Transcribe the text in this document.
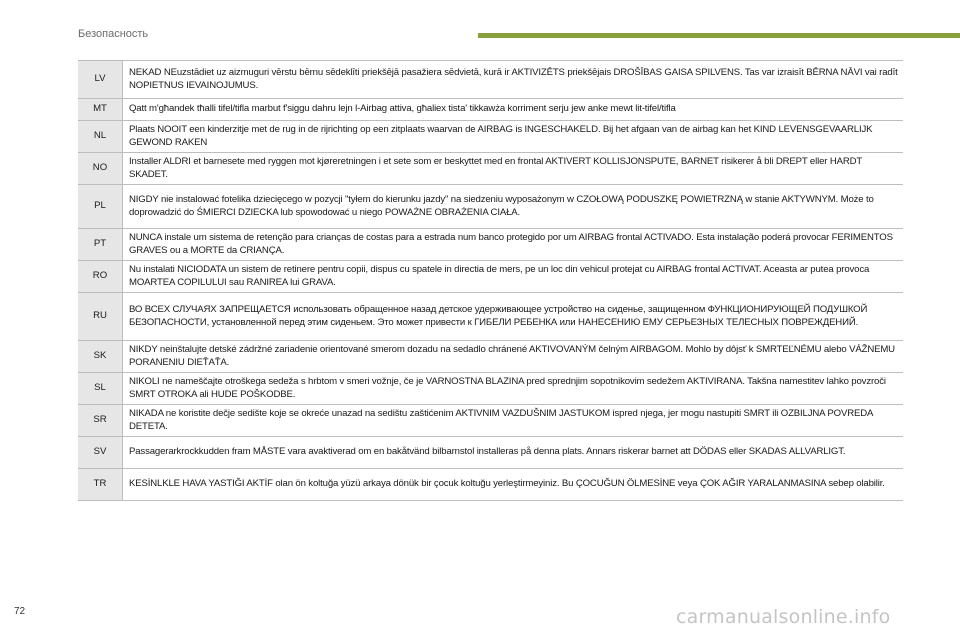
Безопасность
LV	NEKAD NEuzstādiet uz aizmuguri vērstu bērnu sēdeklīti priekšējā pasažiera sēdvietā, kurā ir AKTIVIZĒTS priekšējais DROŠĪBAS GAISA SPILVENS. Tas var izraisīt BĒRNA NĀVI vai radīt NOPIETNUS IEVAINOJUMUS.
MT	Qatt m'għandek tħalli tifel/tifla marbut f'siggu dahru lejn l-Airbag attiva, għaliex tista' tikkawża korriment serju jew anke mewt lit-tifel/tifla
NL	Plaats NOOIT een kinderzitje met de rug in de rijrichting op een zitplaats waarvan de AIRBAG is INGESCHAKELD. Bij het afgaan van de airbag kan het KIND LEVENSGEVAARLIJK GEWOND RAKEN
NO	Installer ALDRI et barnesete med ryggen mot kjøreretningen i et sete som er beskyttet med en frontal AKTIVERT KOLLISJONSPUTE, BARNET risikerer å bli DREPT eller HARDT SKADET.
PL	NIGDY nie instalować fotelika dziecięcego w pozycji "tyłem do kierunku jazdy" na siedzeniu wyposażonym w CZOŁOWĄ PODUSZKĘ POWIETRZNĄ w stanie AKTYWNYM. Może to doprowadzić do ŚMIERCI DZIECKA lub spowodować u niego POWAŻNE OBRAŻENIA CIAŁA.
PT	NUNCA instale um sistema de retenção para crianças de costas para a estrada num banco protegido por um AIRBAG frontal ACTIVADO. Esta instalação poderá provocar FERIMENTOS GRAVES ou a MORTE da CRIANÇA.
RO	Nu instalati NICIODATA un sistem de retinere pentru copii, dispus cu spatele in directia de mers, pe un loc din vehicul protejat cu AIRBAG frontal ACTIVAT. Aceasta ar putea provoca MOARTEA COPILULUI sau RANIREA lui GRAVA.
RU	ВО ВСЕХ СЛУЧАЯХ ЗАПРЕЩАЕТСЯ использовать обращенное назад детское удерживающее устройство на сиденье, защищенном ФУНКЦИОНИРУЮЩЕЙ ПОДУШКОЙ БЕЗОПАСНОСТИ, установленной перед этим сиденьем. Это может привести к ГИБЕЛИ РЕБЕНКА или НАНЕСЕНИЮ ЕМУ СЕРЬЕЗНЫХ ТЕЛЕСНЫХ ПОВРЕЖДЕНИЙ.
SK	NIKDY neinštalujte detské zádržné zariadenie orientované smerom dozadu na sedadlo chránené AKTIVOVANÝM čelným AIRBAGOM. Mohlo by dôjsť k SMRTEĽNÉMU alebo VÁŽNEMU PORANENIU DIEŤAŤA.
SL	NIKOLI ne nameščajte otroškega sedeža s hrbtom v smeri vožnje, če je VARNOSTNA BLAZINA pred sprednjim sopotnikovim sedežem AKTIVIRANA. Takšna namestitev lahko povzroči SMRT OTROKA ali HUDE POŠKODBE.
SR	NIKADA ne koristite dečje sedište koje se okreće unazad na sedištu zaštićenim AKTIVNIM VAZDUŠNIM JASTUKOM ispred njega, jer mogu nastupiti SMRT ili OZBILJNA POVREDA DETETA.
SV	Passagerarkrockkudden fram MÅSTE vara avaktiverad om en bakåtvänd bilbarnstol installeras på denna plats. Annars riskerar barnet att DÖDAS eller SKADAS ALLVARLIGT.
TR	KESİNLKLE HAVA YASTIĞI AKTİF olan ön koltuğa yüzü arkaya dönük bir çocuk koltuğu yerleştirmeyiniz. Bu ÇOCUĞUN ÖLMESİNE veya ÇOK AĞIR YARALANMASINA sebep olabilir.
72	carmanualsonline.info
